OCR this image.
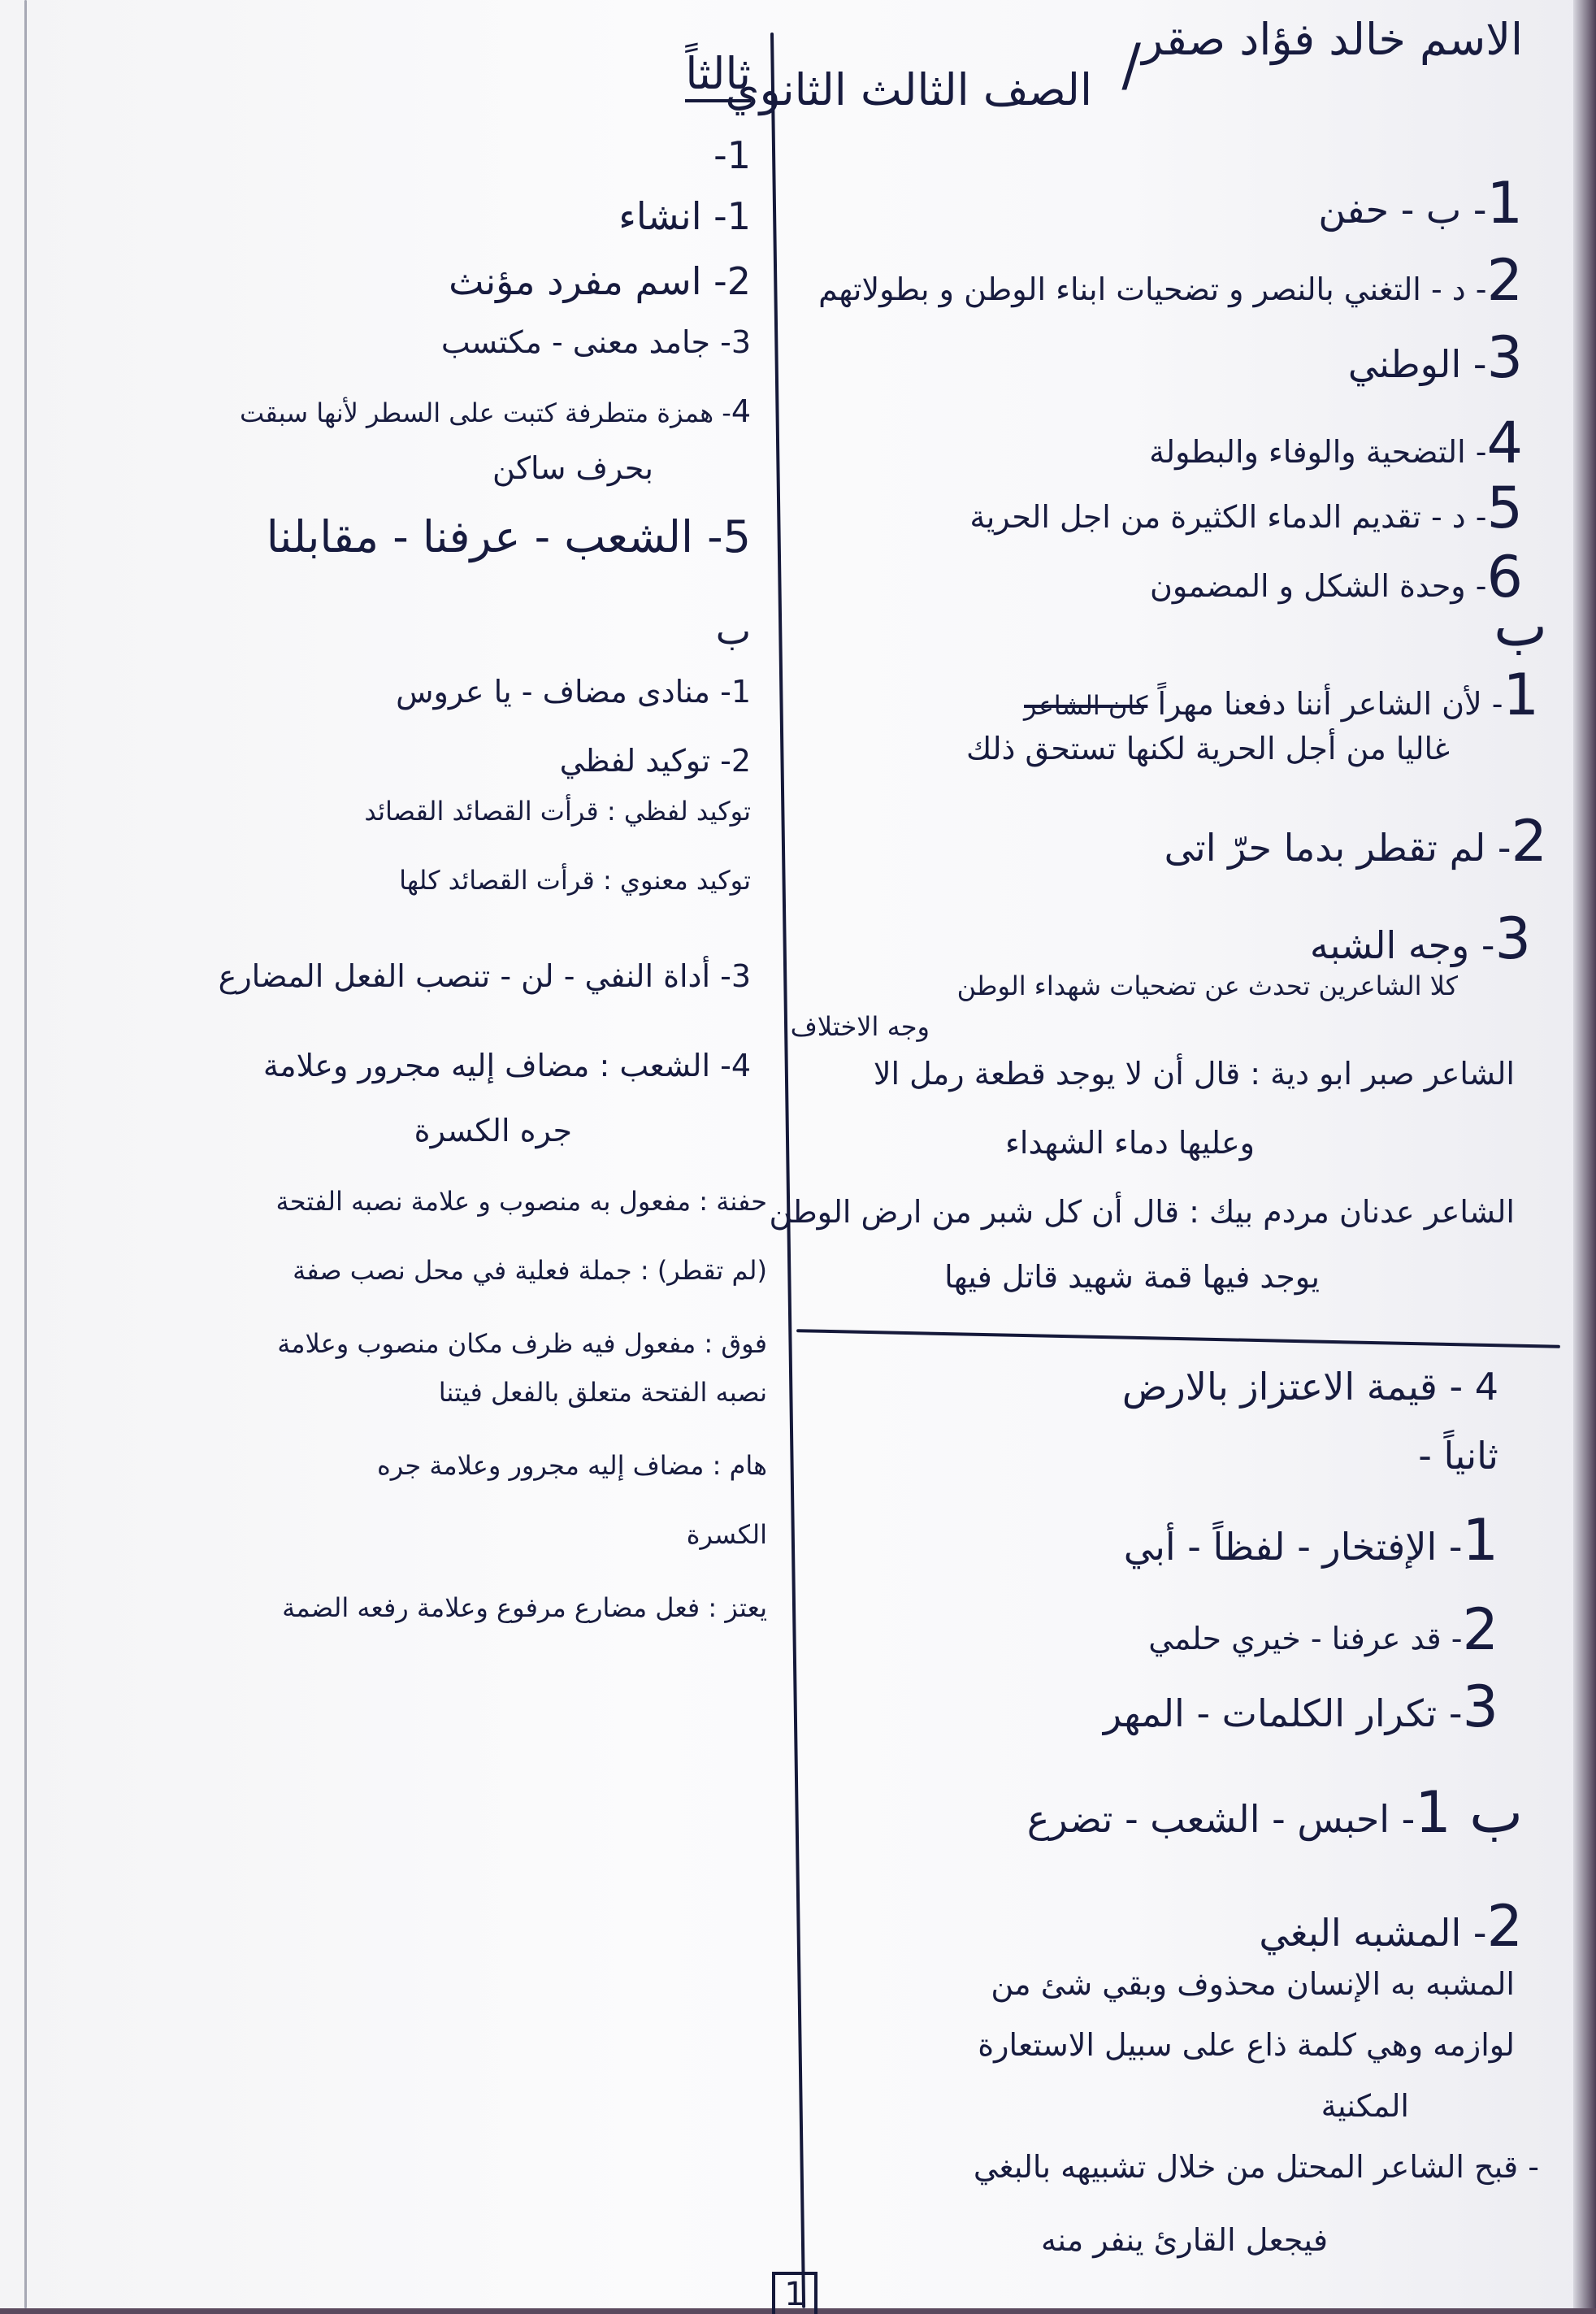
الاسم خالد فؤاد صقر
/
الصف الثالث الثانوي
1- ب - حفن
2- د - التغني بالنصر و تضحيات ابناء الوطن و بطولاتهم
3- الوطني
4- التضحية والوفاء والبطولة
5- د - تقديم الدماء الكثيرة من اجل الحرية
6- وحدة الشكل و المضمون
ب
1- لأن الشاعر أننا دفعنا مهراً كان الشاعر
غاليا من أجل الحرية لكنها تستحق ذلك
2- لم تقطر بدما حرّ اتى
3- وجه الشبه
كلا الشاعرين تحدث عن تضحيات شهداء الوطن
وجه الاختلاف
الشاعر صبر ابو دية : قال أن لا يوجد قطعة رمل الا
وعليها دماء الشهداء
الشاعر عدنان مردم بيك : قال أن كل شبر من ارض الوطن
يوجد فيها قمة شهيد قاتل فيها
4 - قيمة الاعتزاز بالارض
ثانياً -
1- الإفتخار - لفظاً - أبي
2- قد عرفنا - خيري حلمي
3- تكرار الكلمات - المهر
ب 1- احبس - الشعب - تضرع
2- المشبه البغي
المشبه به الإنسان محذوف وبقي شئ من
لوازمه وهي كلمة ذاع على سبيل الاستعارة
المكنية
- قبح الشاعر المحتل من خلال تشبيهه بالبغي
فيجعل القارئ ينفر منه
ثالثاً
1-
1- انشاء
2- اسم مفرد مؤنث
3- جامد معنى - مكتسب
4- همزة متطرفة كتبت على السطر لأنها سبقت
بحرف ساكن
5- الشعب - عرفنا - مقابلنا
ب
1- منادى مضاف - يا عروس
2- توكيد لفظي
توكيد لفظي : قرأت القصائد القصائد
توكيد معنوي : قرأت القصائد كلها
3- أداة النفي - لن - تنصب الفعل المضارع
4- الشعب : مضاف إليه مجرور وعلامة
جره الكسرة
حفنة : مفعول به منصوب و علامة نصبه الفتحة
(لم تقطر) : جملة فعلية في محل نصب صفة
فوق : مفعول فيه ظرف مكان منصوب وعلامة
نصبه الفتحة متعلق بالفعل فيتنا
هام : مضاف إليه مجرور وعلامة جره
الكسرة
يعتز : فعل مضارع مرفوع وعلامة رفعه الضمة
1
